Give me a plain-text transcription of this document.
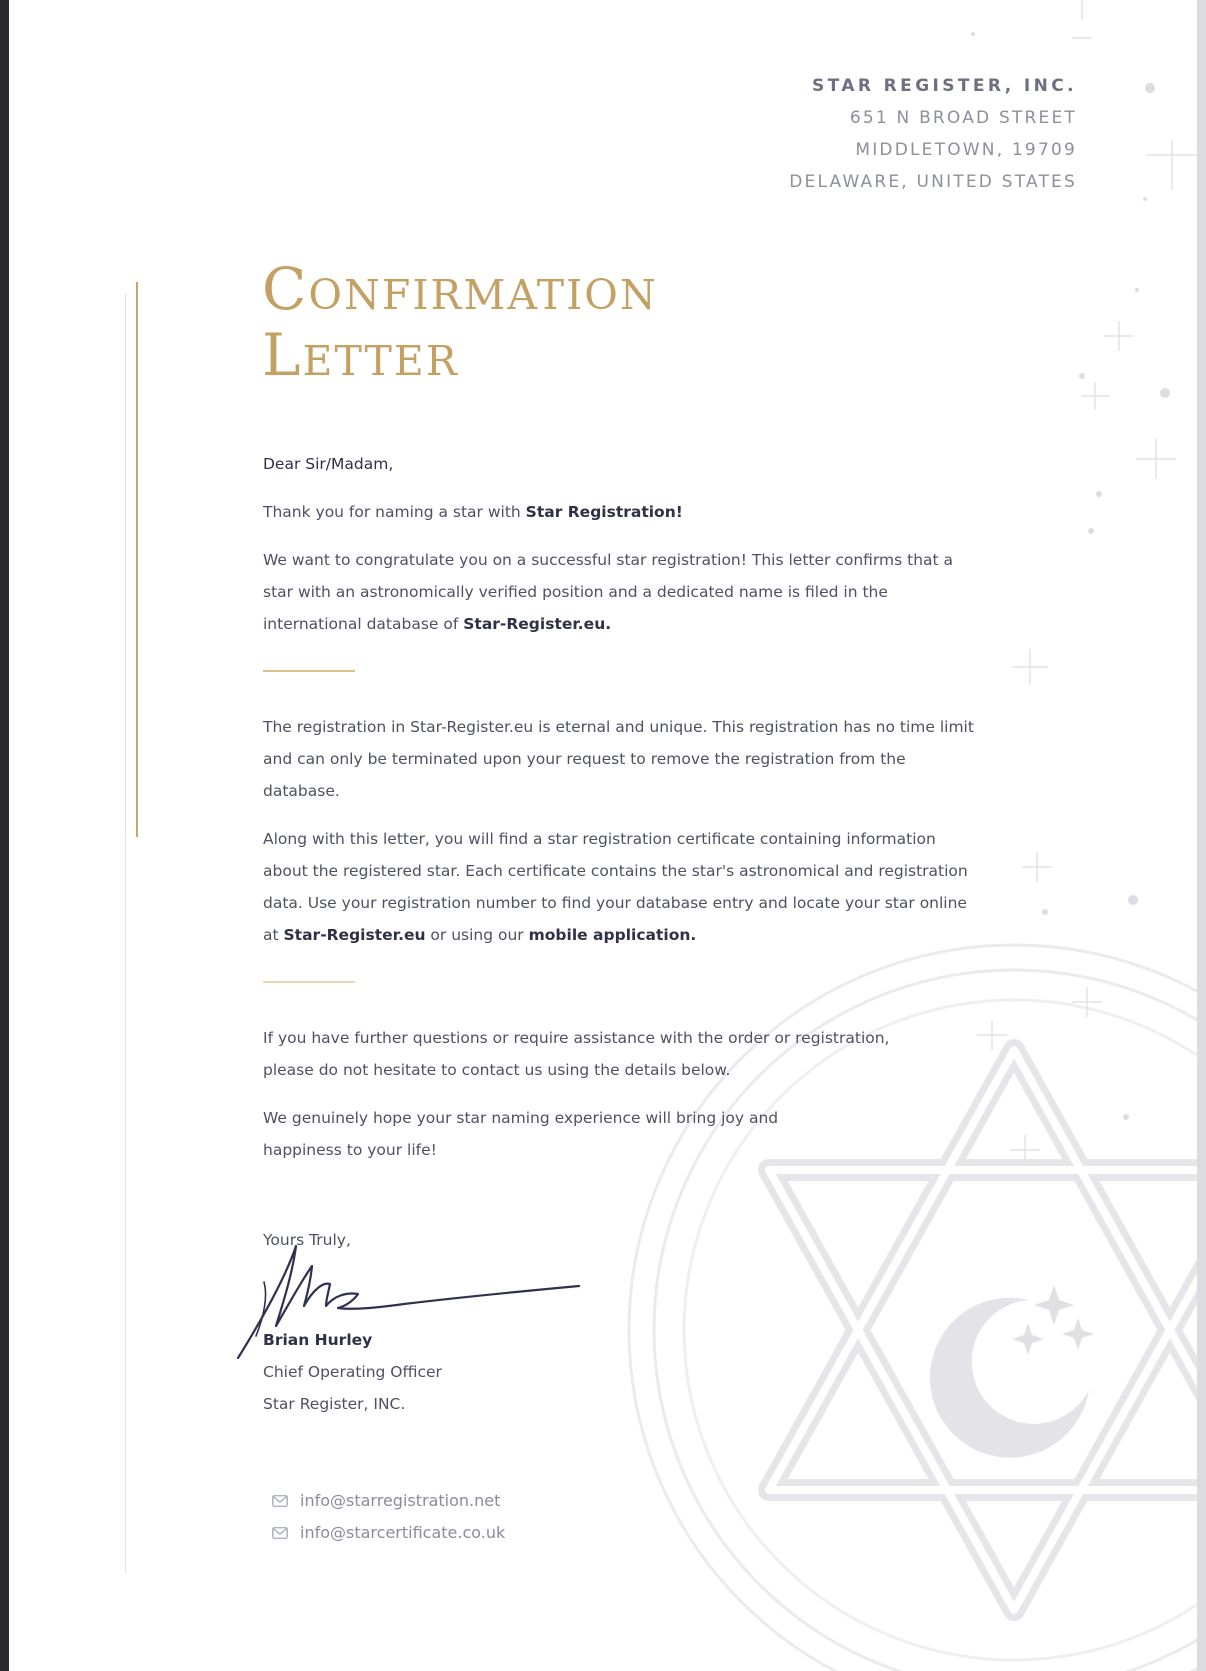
STAR REGISTER, INC.
651 N BROAD STREET
MIDDLETOWN, 19709
DELAWARE, UNITED STATES
Confirmation
Letter

Dear Sir/Madam,

Thank you for naming a star with Star Registration!

We want to congratulate you on a successful star registration! This letter confirms that a star with an astronomically verified position and a dedicated name is filed in the international database of Star-Register.eu.

The registration in Star-Register.eu is eternal and unique. This registration has no time limit and can only be terminated upon your request to remove the registration from the database.

Along with this letter, you will find a star registration certificate containing information about the registered star. Each certificate contains the star's astronomical and registration data. Use your registration number to find your database entry and locate your star online at Star-Register.eu or using our mobile application.

If you have further questions or require assistance with the order or registration, please do not hesitate to contact us using the details below.

We genuinely hope your star naming experience will bring joy and happiness to your life!

Yours Truly,

Brian Hurley
Chief Operating Officer
Star Register, INC.
info@starregistration.net
info@starcertificate.co.uk
